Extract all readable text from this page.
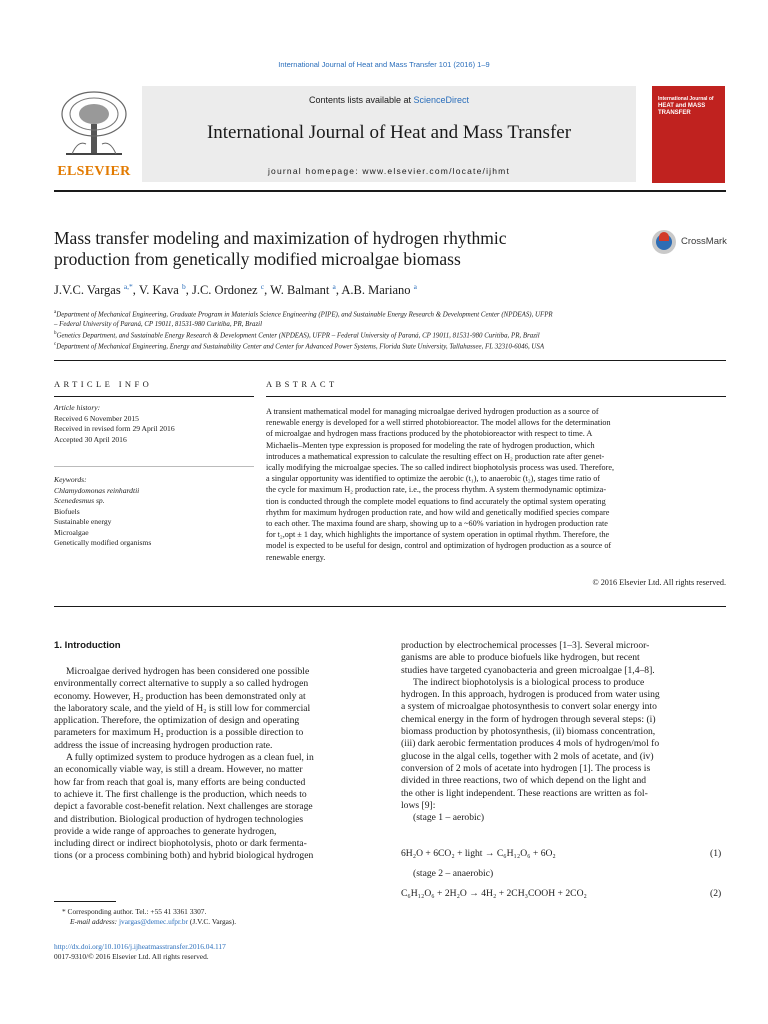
International Journal of Heat and Mass Transfer 101 (2016) 1–9
ELSEVIER
Contents lists available at ScienceDirect
International Journal of Heat and Mass Transfer
journal homepage: www.elsevier.com/locate/ijhmt
International Journal of
HEAT and MASS TRANSFER
Mass transfer modeling and maximization of hydrogen rhythmic
production from genetically modified microalgae biomass
CrossMark
J.V.C. Vargas $^{a,*}$, V. Kava $^b$, J.C. Ordonez $^c$, W. Balmant $^a$, A.B. Mariano $^a$
$^a$Department of Mechanical Engineering, Graduate Program in Materials Science Engineering (PIPE), and Sustainable Energy Research & Development Center (NPDEAS), UFPR
– Federal University of Paraná, CP 19011, 81531-980 Curitiba, PR, Brazil
$^b$Genetics Department, and Sustainable Energy Research & Development Center (NPDEAS), UFPR – Federal University of Paraná, CP 19011, 81531-980 Curitiba, PR, Brazil
$^c$Department of Mechanical Engineering, Energy and Sustainability Center and Center for Advanced Power Systems, Florida State University, Tallahassee, FL 32310-6046, USA
ARTICLE INFO
Article history:
Received 6 November 2015
Received in revised form 29 April 2016
Accepted 30 April 2016
Keywords:
Chlamydomonas reinhardtii
Scenedesmus sp.
Biofuels
Sustainable energy
Microalgae
Genetically modified organisms
ABSTRACT
A transient mathematical model for managing microalgae derived hydrogen production as a source of
renewable energy is developed for a well stirred photobioreactor. The model allows for the determination
of microalgae and hydrogen mass fractions produced by the photobioreactor with respect to time. A
Michaelis–Menten type expression is proposed for modeling the rate of hydrogen production, which
introduces a mathematical expression to calculate the resulting effect on H₂ production rate after genet-
ically modifying the microalgae species. The so called indirect biophotolysis process was used. Therefore,
a singular opportunity was identified to optimize the aerobic (t₁), to anaerobic (t₂), stages time ratio of
the cycle for maximum H₂ production rate, i.e., the process rhythm. A system thermodynamic optimiza-
tion is conducted through the complete model equations to find accurately the optimal system operating
rhythm for maximum hydrogen production rate, and how wild and genetically modified species compare
to each other. The maxima found are sharp, showing up to a ~60% variation in hydrogen production rate
for t₂,opt ± 1 day, which highlights the importance of system operation in optimal rhythm. Therefore, the
model is expected to be useful for design, control and optimization of hydrogen production as a source of
renewable energy.
© 2016 Elsevier Ltd. All rights reserved.
1. Introduction
Microalgae derived hydrogen has been considered one possible
environmentally correct alternative to supply a so called hydrogen
economy. However, H₂ production has been demonstrated only at
the laboratory scale, and the yield of H₂ is still low for commercial
application. Therefore, the optimization of design and operating
parameters for maximum H₂ production is a possible direction to
address the issue of increasing hydrogen production rate.
A fully optimized system to produce hydrogen as a clean fuel, in
an economically viable way, is still a dream. However, no matter
how far from reach that goal is, many efforts are being conducted
to achieve it. The first challenge is the production, which needs to
depict a favorable cost-benefit relation. Next challenges are storage
and distribution. Biological production of hydrogen technologies
provide a wide range of approaches to generate hydrogen,
including direct or indirect biophotolysis, photo or dark fermenta-
tions (or a process combining both) and hybrid biological hydrogen
production by electrochemical processes [1–3]. Several microor-
ganisms are able to produce biofuels like hydrogen, but recent
studies have targeted cyanobacteria and green microalgae [1,4–8].
The indirect biophotolysis is a biological process to produce
hydrogen. In this approach, hydrogen is produced from water using
a system of microalgae photosynthesis to convert solar energy into
chemical energy in the form of hydrogen through several steps: (i)
biomass production by photosynthesis, (ii) biomass concentration,
(iii) dark aerobic fermentation produces 4 mols of hydrogen/mol fo
glucose in the algal cells, together with 2 mols of acetate, and (iv)
conversion of 2 mols of acetate into hydrogen [1]. The process is
divided in three reactions, two of which depend on the light and
the other is light independent. These reactions are written as fol-
lows [9]:
(stage 1 – aerobic)
6H₂O + 6CO₂ + light → C₆H₁₂O₆ + 6O₂	(1)
(stage 2 – anaerobic)
C₆H₁₂O₆ + 2H₂O → 4H₂ + 2CH₃COOH + 2CO₂	(2)
* Corresponding author. Tel.: +55 41 3361 3307.
E-mail address: jvargas@demec.ufpr.br (J.V.C. Vargas).
http://dx.doi.org/10.1016/j.ijheatmasstransfer.2016.04.117
0017-9310/© 2016 Elsevier Ltd. All rights reserved.
